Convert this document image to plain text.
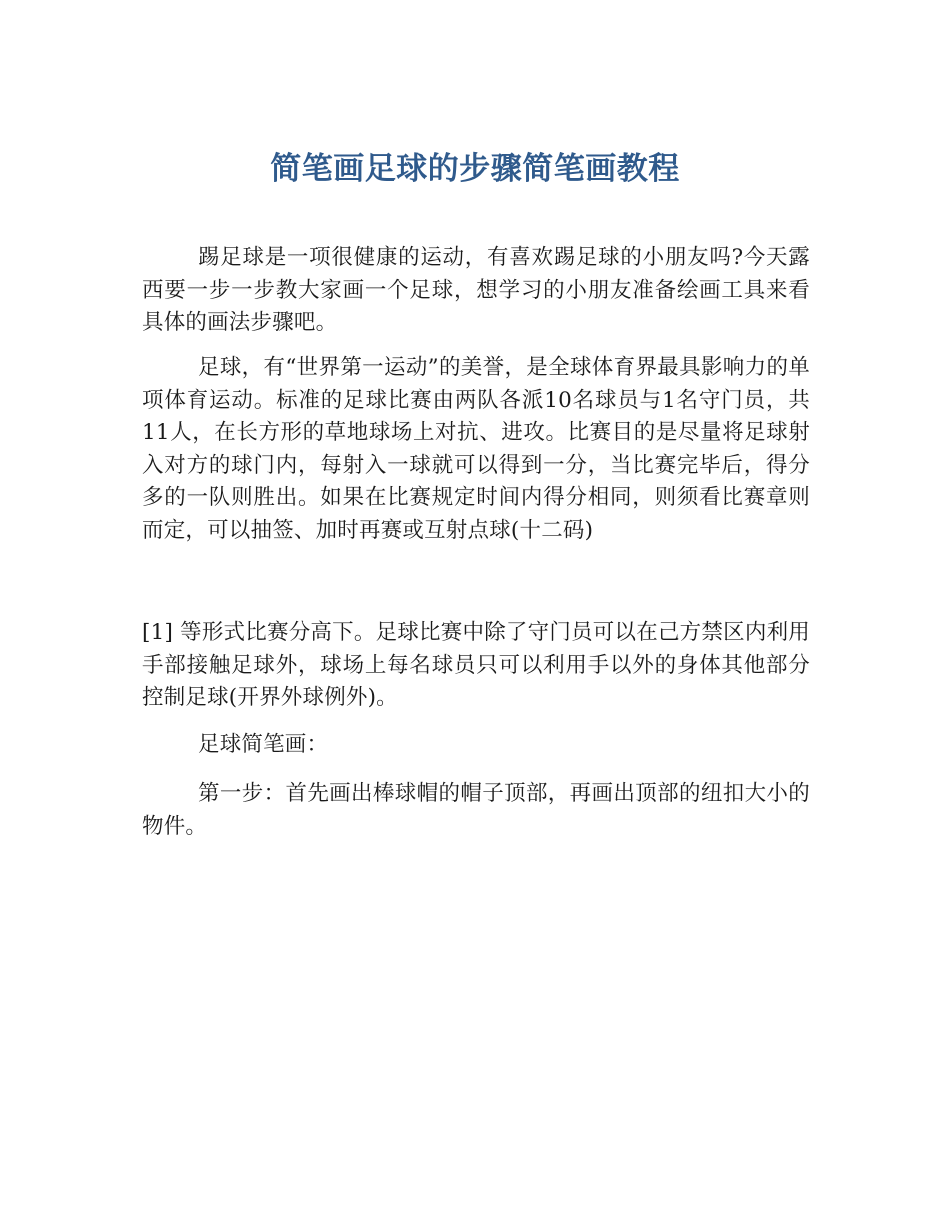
简笔画足球的步骤简笔画教程
踢足球是一项很健康的运动，有喜欢踢足球的小朋友吗?今天露西要一步一步教大家画一个足球，想学习的小朋友准备绘画工具来看具体的画法步骤吧。
足球，有“世界第一运动”的美誉，是全球体育界最具影响力的单项体育运动。标准的足球比赛由两队各派10名球员与1名守门员，共11人，在长方形的草地球场上对抗、进攻。比赛目的是尽量将足球射入对方的球门内，每射入一球就可以得到一分，当比赛完毕后，得分多的一队则胜出。如果在比赛规定时间内得分相同，则须看比赛章则而定，可以抽签、加时再赛或互射点球(十二码)
[1] 等形式比赛分高下。足球比赛中除了守门员可以在己方禁区内利用手部接触足球外，球场上每名球员只可以利用手以外的身体其他部分控制足球(开界外球例外)。
足球简笔画：
第一步：首先画出棒球帽的帽子顶部，再画出顶部的纽扣大小的物件。
